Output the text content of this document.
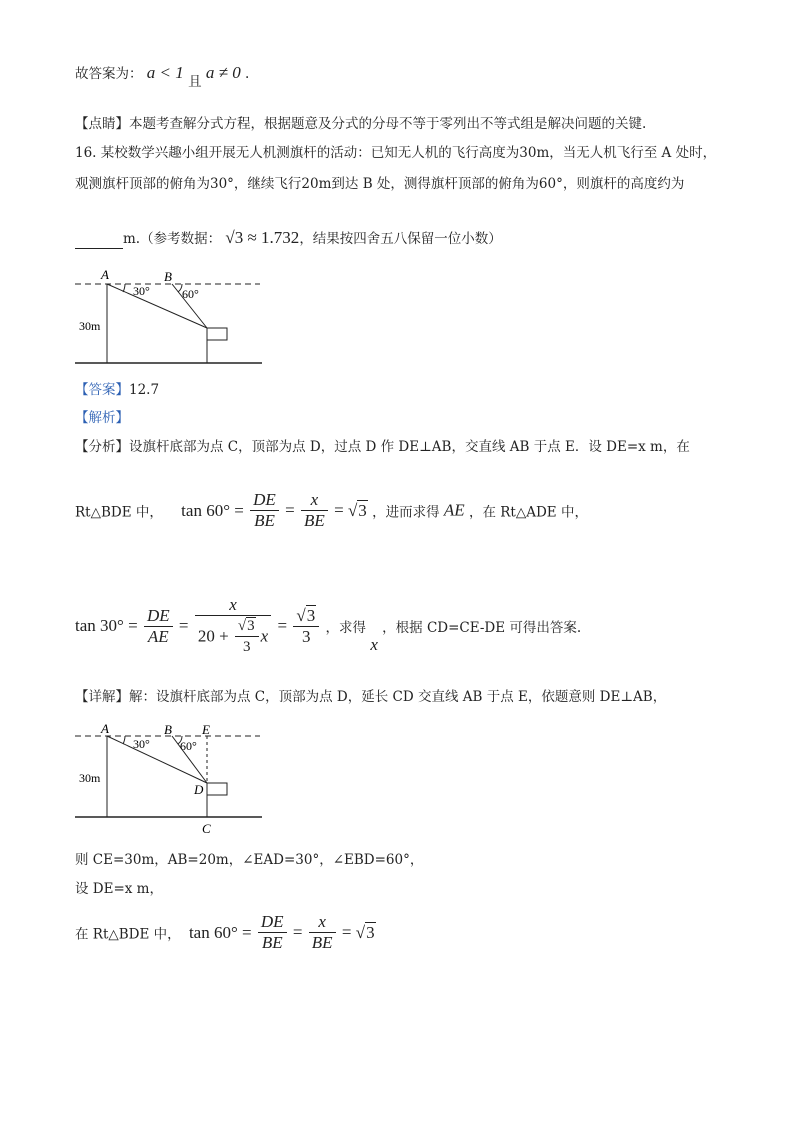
故答案为： a < 1 且 a ≠ 0 .
【点睛】本题考查解分式方程，根据题意及分式的分母不等于零列出不等式组是解决问题的关键.
16. 某校数学兴趣小组开展无人机测旗杆的活动：已知无人机的飞行高度为30m，当无人机飞行至 A 处时，
观测旗杆顶部的俯角为30°，继续飞行20m到达 B 处，测得旗杆顶部的俯角为60°，则旗杆的高度约为
m.（参考数据： √3 ≈ 1.732，结果按四舍五八保留一位小数）
A	B
30°	60°
30m
【答案】12.7
【解析】
【分析】设旗杆底部为点 C，顶部为点 D，过点 D 作 DE⊥AB，交直线 AB 于点 E．设 DE=x m，在
Rt△BDE 中， $\tan 60^\circ = \frac{DE}{BE} = \frac{x}{BE} = √3$ ，进而求得 AE ，在 Rt△ADE 中，
$\tan 30^\circ = \frac{DE}{AE} = \frac{x}{20 + \frac{√3}{3} x} = \frac{√3}{3}$ ，求得 x ，根据 CD=CE-DE 可得出答案.
【详解】解：设旗杆底部为点 C，顶部为点 D，延长 CD 交直线 AB 于点 E，依题意则 DE⊥AB，
A	B E
D
C
30°	60°
30m
则 CE=30m，AB=20m，∠EAD=30°，∠EBD=60°，
设 DE=x m，
在 Rt△BDE 中， $\tan 60^\circ = \frac{DE}{BE} = \frac{x}{BE} = √3$
